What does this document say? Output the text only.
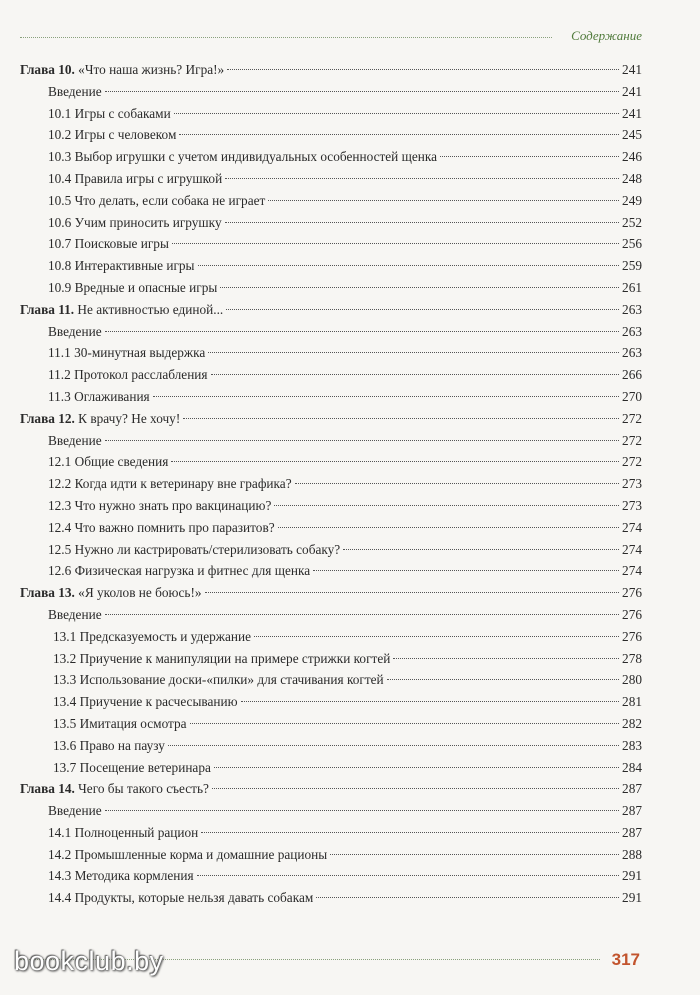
Содержание
Глава 10. «Что наша жизнь? Игра!»	241
Введение	241
10.1 Игры с собаками	241
10.2 Игры с человеком	245
10.3 Выбор игрушки с учетом индивидуальных особенностей щенка	246
10.4 Правила игры с игрушкой	248
10.5 Что делать, если собака не играет	249
10.6 Учим приносить игрушку	252
10.7 Поисковые игры	256
10.8 Интерактивные игры	259
10.9 Вредные и опасные игры	261
Глава 11. Не активностью единой...	263
Введение	263
11.1 30-минутная выдержка	263
11.2 Протокол расслабления	266
11.3 Оглаживания	270
Глава 12. К врачу? Не хочу!	272
Введение	272
12.1 Общие сведения	272
12.2 Когда идти к ветеринару вне графика?	273
12.3 Что нужно знать про вакцинацию?	273
12.4 Что важно помнить про паразитов?	274
12.5 Нужно ли кастрировать/стерилизовать собаку?	274
12.6 Физическая нагрузка и фитнес для щенка	274
Глава 13. «Я уколов не боюсь!»	276
Введение	276
13.1 Предсказуемость и удержание	276
13.2 Приучение к манипуляции на примере стрижки когтей	278
13.3 Использование доски-«пилки» для стачивания когтей	280
13.4 Приучение к расчесыванию	281
13.5 Имитация осмотра	282
13.6 Право на паузу	283
13.7 Посещение ветеринара	284
Глава 14. Чего бы такого съесть?	287
Введение	287
14.1 Полноценный рацион	287
14.2 Промышленные корма и домашние рационы	288
14.3 Методика кормления	291
14.4 Продукты, которые нельзя давать собакам	291
bookclub.by	317
